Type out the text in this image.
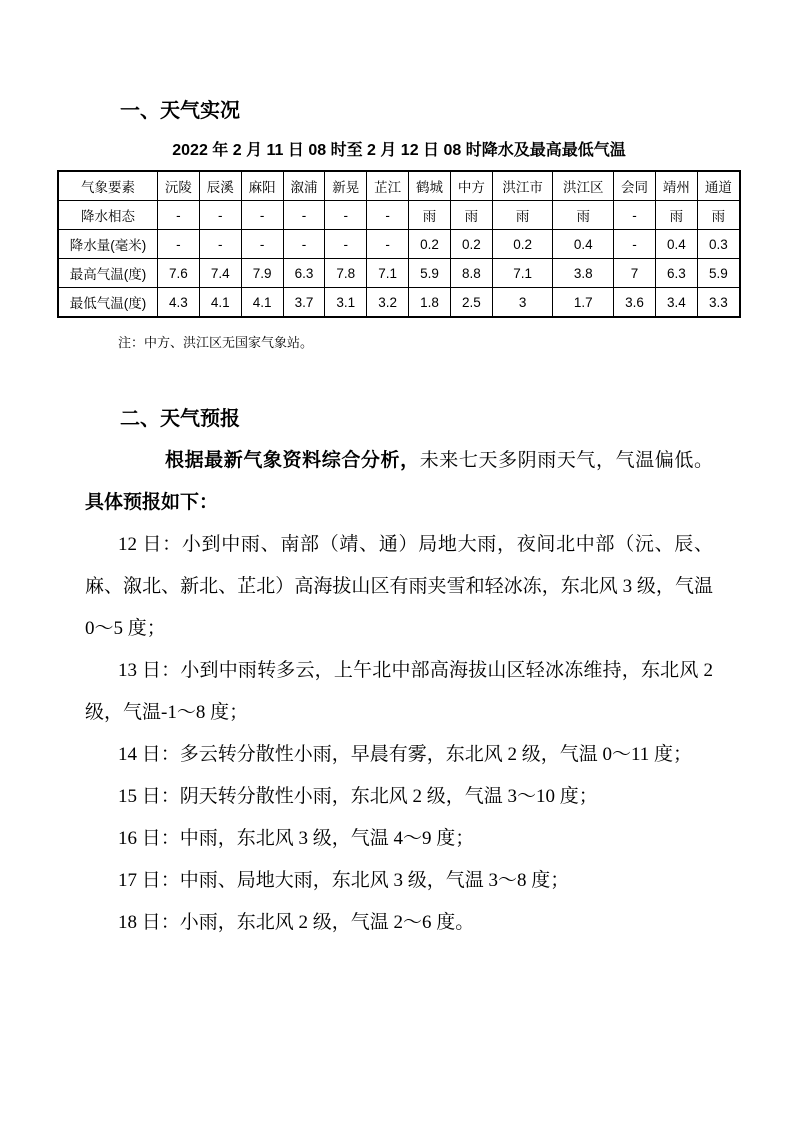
一、天气实况
2022 年 2 月 11 日 08 时至 2 月 12 日 08 时降水及最高最低气温
气象要素	沅陵	辰溪	麻阳	溆浦	新晃	芷江	鹤城	中方	洪江市	洪江区	会同	靖州	通道
降水相态	-	-	-	-	-	-	雨	雨	雨	雨	-	雨	雨
降水量(毫米)	-	-	-	-	-	-	0.2	0.2	0.2	0.4	-	0.4	0.3
最高气温(度)	7.6	7.4	7.9	6.3	7.8	7.1	5.9	8.8	7.1	3.8	7	6.3	5.9
最低气温(度)	4.3	4.1	4.1	3.7	3.1	3.2	1.8	2.5	3	1.7	3.6	3.4	3.3
注：中方、洪江区无国家气象站。
二、天气预报

根据最新气象资料综合分析，未来七天多阴雨天气，气温偏低。具体预报如下：

12 日：小到中雨、南部（靖、通）局地大雨，夜间北中部（沅、辰、麻、溆北、新北、芷北）高海拔山区有雨夹雪和轻冰冻，东北风 3 级，气温 0～5 度；

13 日：小到中雨转多云，上午北中部高海拔山区轻冰冻维持，东北风 2 级，气温-1～8 度；

14 日：多云转分散性小雨，早晨有雾，东北风 2 级，气温 0～11 度；

15 日：阴天转分散性小雨，东北风 2 级，气温 3～10 度；

16 日：中雨，东北风 3 级，气温 4～9 度；

17 日：中雨、局地大雨，东北风 3 级，气温 3～8 度；

18 日：小雨，东北风 2 级，气温 2～6 度。
